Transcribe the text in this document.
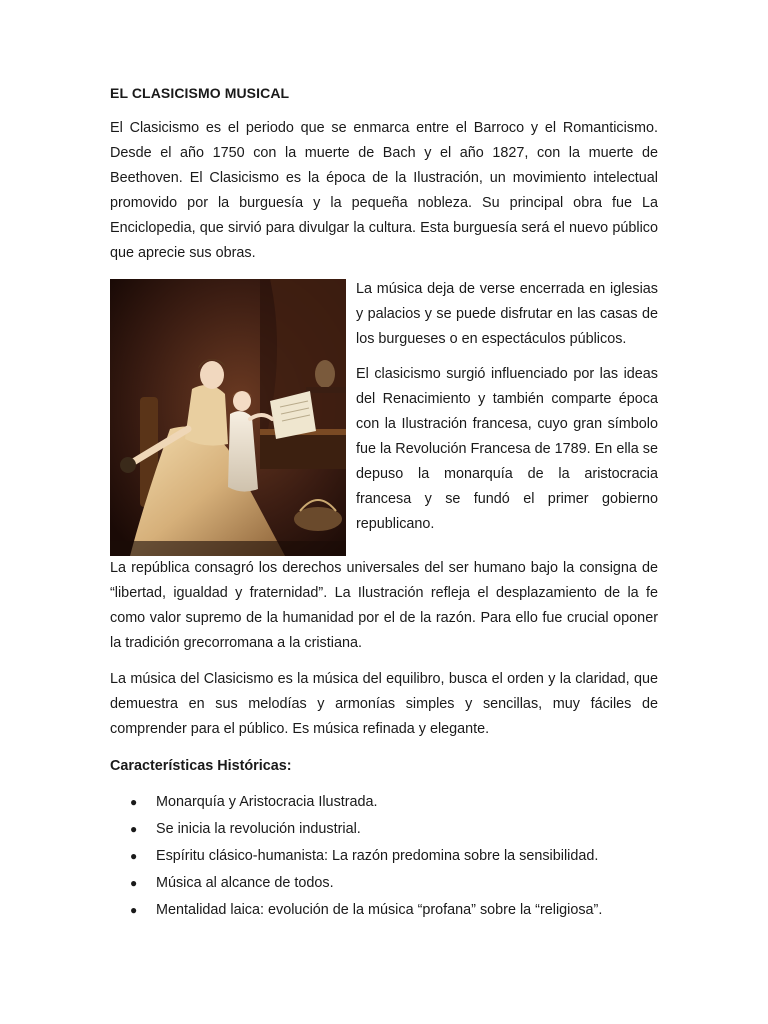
EL CLASICISMO MUSICAL

El Clasicismo es el periodo que se enmarca entre el Barroco y el Romanticismo. Desde el año 1750 con la muerte de Bach y el año 1827, con la muerte de Beethoven. El Clasicismo es la época de la Ilustración, un movimiento intelectual promovido por la burguesía y la pequeña nobleza. Su principal obra fue La Enciclopedia, que sirvió para divulgar la cultura. Esta burguesía será el nuevo público que aprecie sus obras.

La música deja de verse encerrada en iglesias y palacios y se puede disfrutar en las casas de los burgueses o en espectáculos públicos.

El clasicismo surgió influenciado por las ideas del Renacimiento y también comparte época con la Ilustración francesa, cuyo gran símbolo fue la Revolución Francesa de 1789. En ella se depuso la monarquía de la aristocracia francesa y se fundó el primer gobierno republicano.

La república consagró los derechos universales del ser humano bajo la consigna de “libertad, igualdad y fraternidad”. La Ilustración refleja el desplazamiento de la fe como valor supremo de la humanidad por el de la razón. Para ello fue crucial oponer la tradición grecorromana a la cristiana.

La música del Clasicismo es la música del equilibro, busca el orden y la claridad, que demuestra en sus melodías y armonías simples y sencillas, muy fáciles de comprender para el público. Es música refinada y elegante.

Características Históricas:
● Monarquía y Aristocracia Ilustrada.
● Se inicia la revolución industrial.
● Espíritu clásico-humanista: La razón predomina sobre la sensibilidad.
● Música al alcance de todos.
● Mentalidad laica: evolución de la música “profana” sobre la “religiosa”.
